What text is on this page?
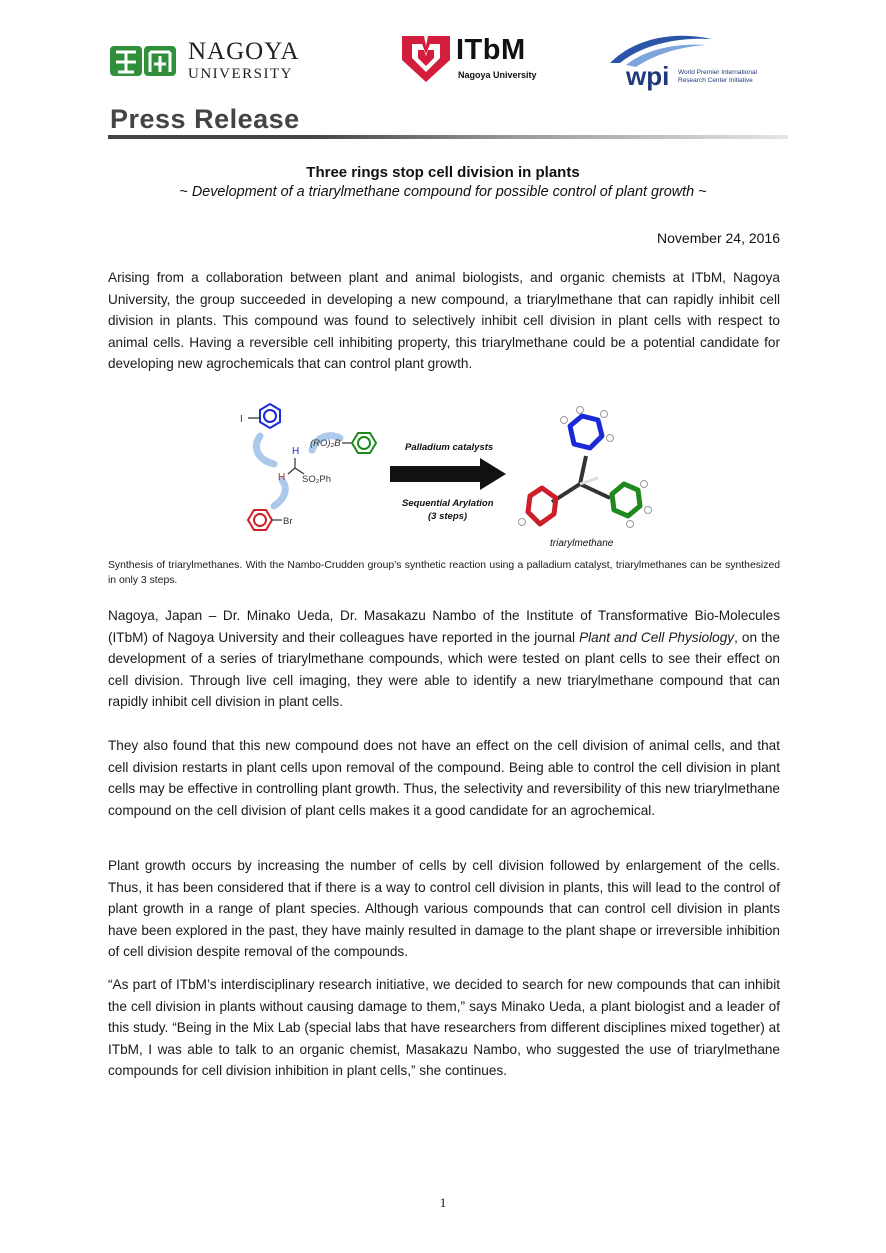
NAGOYA
UNIVERSITY
ITbM
Nagoya University	wpi World Premier International
Research Center Initiative
Press Release
Three rings stop cell division in plants
~ Development of a triarylmethane compound for possible control of plant growth ~
November 24, 2016
Arising from a collaboration between plant and animal biologists, and organic chemists at ITbM, Nagoya University, the group succeeded in developing a new compound, a triarylmethane that can rapidly inhibit cell division in plants. This compound was found to selectively inhibit cell division in plant cells with respect to animal cells. Having a reversible cell inhibiting property, this triarylmethane could be a potential candidate for developing new agrochemicals that can control plant growth.
I
H
H SO₂Ph
(RO)₂B
Br
Palladium catalysts
Sequential Arylation
(3 steps)
triarylmethane
Synthesis of triarylmethanes. With the Nambo-Crudden group’s synthetic reaction using a palladium catalyst, triarylmethanes can be synthesized in only 3 steps.
Nagoya, Japan – Dr. Minako Ueda, Dr. Masakazu Nambo of the Institute of Transformative Bio-Molecules (ITbM) of Nagoya University and their colleagues have reported in the journal Plant and Cell Physiology, on the development of a series of triarylmethane compounds, which were tested on plant cells to see their effect on cell division. Through live cell imaging, they were able to identify a new triarylmethane compound that can rapidly inhibit cell division in plant cells.
They also found that this new compound does not have an effect on the cell division of animal cells, and that cell division restarts in plant cells upon removal of the compound. Being able to control the cell division in plant cells may be effective in controlling plant growth. Thus, the selectivity and reversibility of this new triarylmethane compound on the cell division of plant cells makes it a good candidate for an agrochemical.
Plant growth occurs by increasing the number of cells by cell division followed by enlargement of the cells. Thus, it has been considered that if there is a way to control cell division in plants, this will lead to the control of plant growth in a range of plant species. Although various compounds that can control cell division in plants have been explored in the past, they have mainly resulted in damage to the plant shape or irreversible inhibition of cell division despite removal of the compounds.
“As part of ITbM’s interdisciplinary research initiative, we decided to search for new compounds that can inhibit the cell division in plants without causing damage to them,” says Minako Ueda, a plant biologist and a leader of this study. “Being in the Mix Lab (special labs that have researchers from different disciplines mixed together) at ITbM, I was able to talk to an organic chemist, Masakazu Nambo, who suggested the use of triarylmethane compounds for cell division inhibition in plant cells,” she continues.
1
